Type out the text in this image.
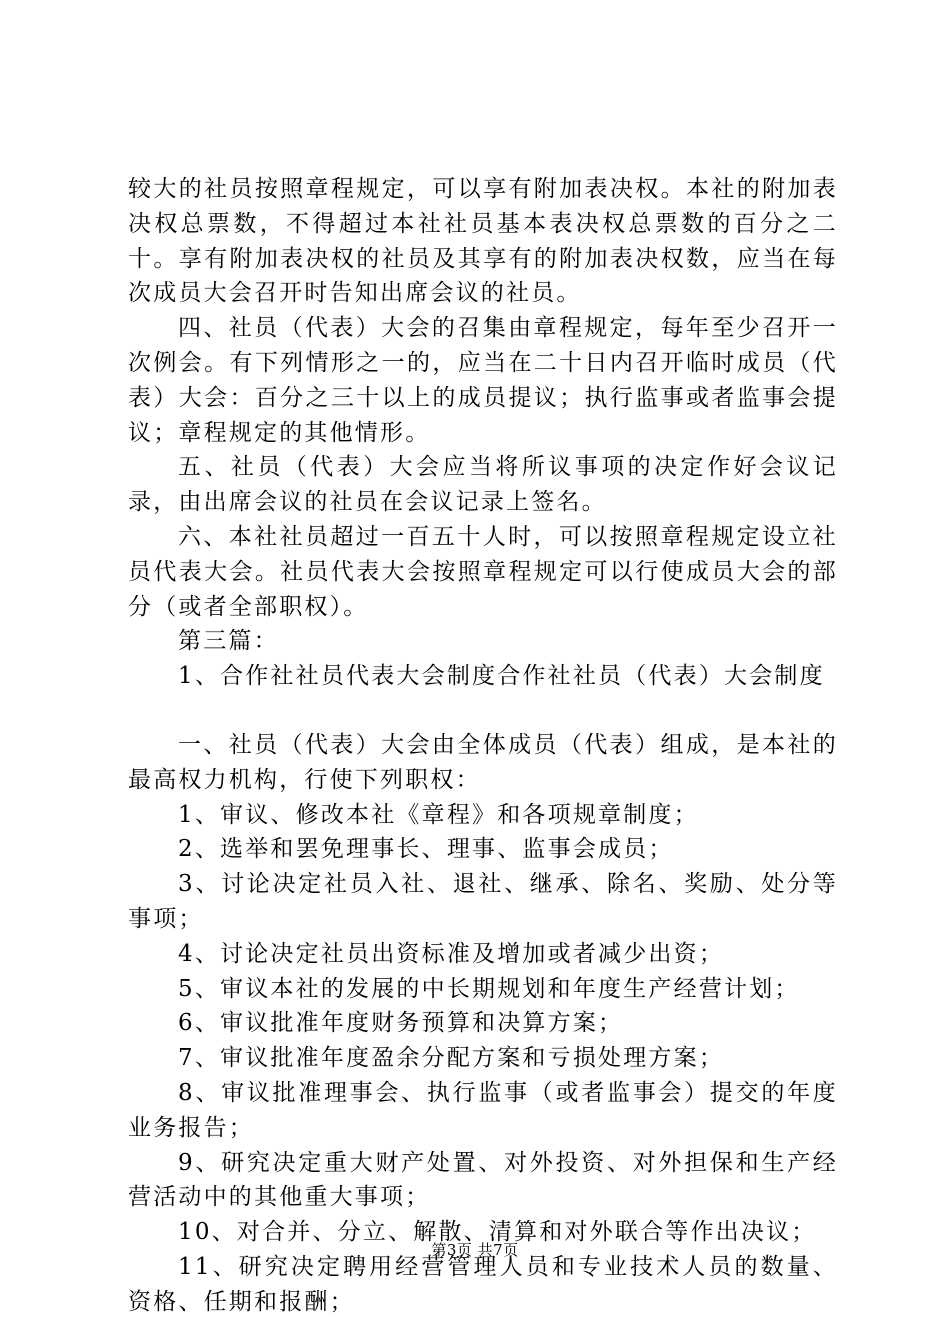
较大的社员按照章程规定，可以享有附加表决权。本社的附加表决权总票数，不得超过本社社员基本表决权总票数的百分之二十。享有附加表决权的社员及其享有的附加表决权数，应当在每次成员大会召开时告知出席会议的社员。

四、社员（代表）大会的召集由章程规定，每年至少召开一次例会。有下列情形之一的，应当在二十日内召开临时成员（代表）大会：百分之三十以上的成员提议；执行监事或者监事会提议；章程规定的其他情形。

五、社员（代表）大会应当将所议事项的决定作好会议记录，由出席会议的社员在会议记录上签名。

六、本社社员超过一百五十人时，可以按照章程规定设立社员代表大会。社员代表大会按照章程规定可以行使成员大会的部分（或者全部职权）。

第三篇：

1、合作社社员代表大会制度合作社社员（代表）大会制度

一、社员（代表）大会由全体成员（代表）组成，是本社的最高权力机构，行使下列职权：

1、审议、修改本社《章程》和各项规章制度；

2、选举和罢免理事长、理事、监事会成员；

3、讨论决定社员入社、退社、继承、除名、奖励、处分等事项；

4、讨论决定社员出资标准及增加或者减少出资；

5、审议本社的发展的中长期规划和年度生产经营计划；

6、审议批准年度财务预算和决算方案；

7、审议批准年度盈余分配方案和亏损处理方案；

8、审议批准理事会、执行监事（或者监事会）提交的年度业务报告；

9、研究决定重大财产处置、对外投资、对外担保和生产经营活动中的其他重大事项；

10、对合并、分立、解散、清算和对外联合等作出决议；

11、研究决定聘用经营管理人员和专业技术人员的数量、资格、任期和报酬；

第3页 共7页
